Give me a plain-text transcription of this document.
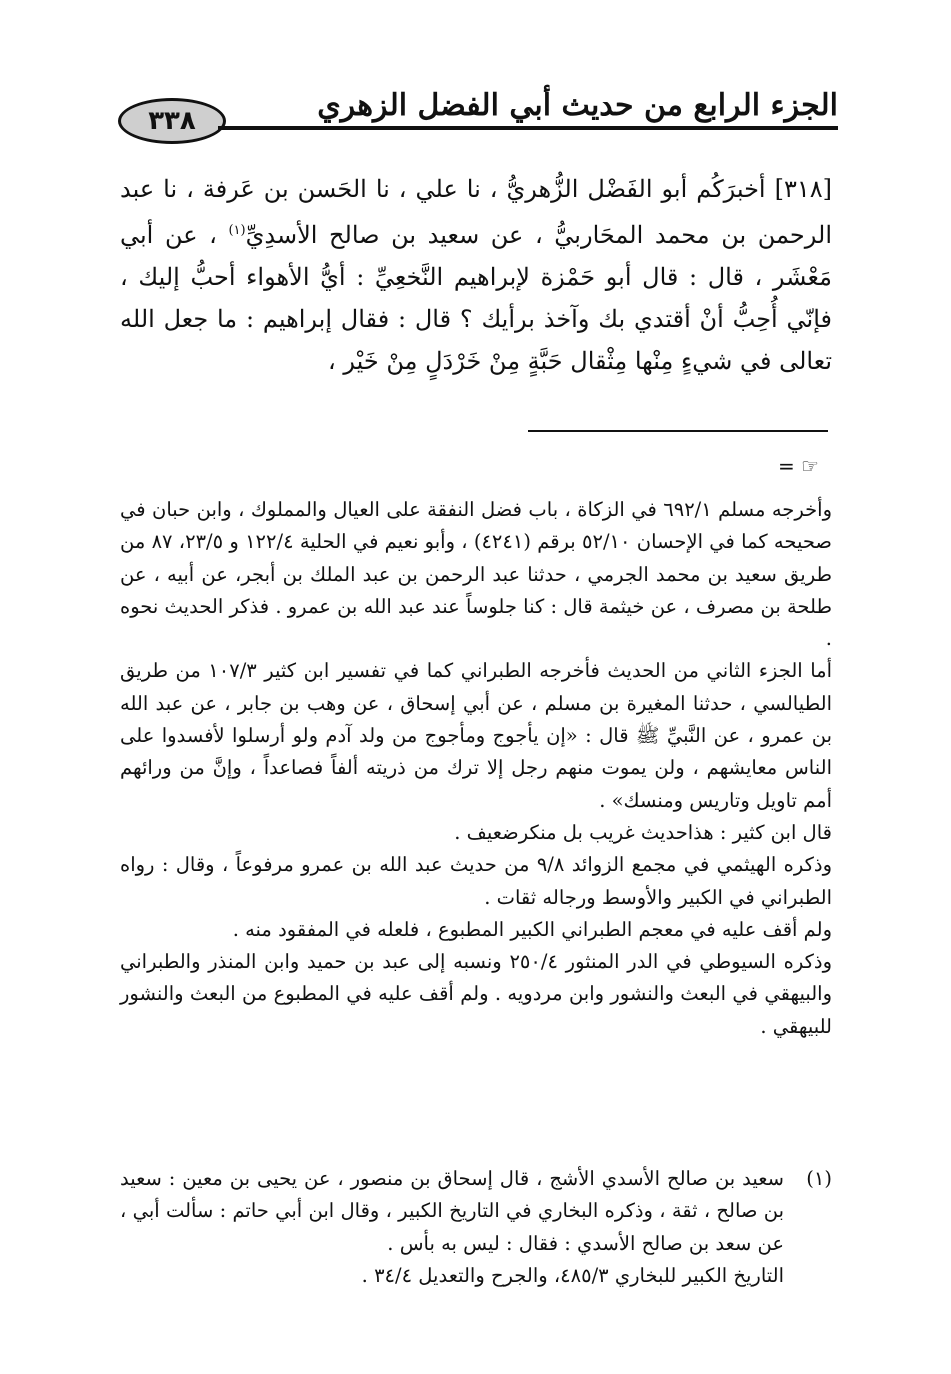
٣٣٨	الجزء الرابع من حديث أبي الفضل الزهري

[٣١٨] أخبرَكُم أبو الفَضْل الزُّهريُّ ، نا علي ، نا الحَسن بن عَرفة ، نا عبد الرحمن بن محمد المحَاربيُّ ، عن سعيد بن صالح الأسدِيِّ$^{(١)}$ ، عن أبي مَعْشَر ، قال : قال أبو حَمْزة لإبراهيم النَّخعِيِّ : أيُّ الأهواء أحبُّ إليك ، فإنّي أُحِبُّ أنْ أقتدي بك وآخذ برأيك ؟ قال : فقال إبراهيم : ما جعل الله تعالى في شيءٍ مِنْها مِثْقال حَبَّةٍ مِنْ خَرْدَلٍ مِنْ خَيْر ،

= ☞

وأخرجه مسلم ٦٩٢/١ في الزكاة ، باب فضل النفقة على العيال والمملوك ، وابن حبان في صحيحه كما في الإحسان ٥٢/١٠ برقم (٤٢٤١) ، وأبو نعيم في الحلية ١٢٢/٤ و ٢٣/٥، ٨٧ من طريق سعيد بن محمد الجرمي ، حدثنا عبد الرحمن بن عبد الملك بن أبجر، عن أبيه ، عن طلحة بن مصرف ، عن خيثمة قال : كنا جلوساً عند عبد الله بن عمرو . فذكر الحديث نحوه .

أما الجزء الثاني من الحديث فأخرجه الطبراني كما في تفسير ابن كثير ١٠٧/٣ من طريق الطيالسي ، حدثنا المغيرة بن مسلم ، عن أبي إسحاق ، عن وهب بن جابر ، عن عبد الله بن عمرو ، عن النَّبيِّ ﷺ قال : «إن يأجوج ومأجوج من ولد آدم ولو أرسلوا لأفسدوا على الناس معايشهم ، ولن يموت منهم رجل إلا ترك من ذريته ألفاً فصاعداً ، وإنَّ من ورائهم أمم تاويل وتاريس ومنسك» .

قال ابن كثير : هذاحديث غريب بل منكرضعيف .

وذكره الهيثمي في مجمع الزوائد ٩/٨ من حديث عبد الله بن عمرو مرفوعاً ، وقال : رواه الطبراني في الكبير والأوسط ورجاله ثقات .

ولم أقف عليه في معجم الطبراني الكبير المطبوع ، فلعله في المفقود منه .

وذكره السيوطي في الدر المنثور ٢٥٠/٤ ونسبه إلى عبد بن حميد وابن المنذر والطبراني والبيهقي في البعث والنشور وابن مردويه . ولم أقف عليه في المطبوع من البعث والنشور للبيهقي .

(١)

سعيد بن صالح الأسدي الأشج ، قال إسحاق بن منصور ، عن يحيى بن معين : سعيد بن صالح ، ثقة ، وذكره البخاري في التاريخ الكبير ، وقال ابن أبي حاتم : سألت أبي ، عن سعد بن صالح الأسدي : فقال : ليس به بأس .

التاريخ الكبير للبخاري ٤٨٥/٣، والجرح والتعديل ٣٤/٤ .
